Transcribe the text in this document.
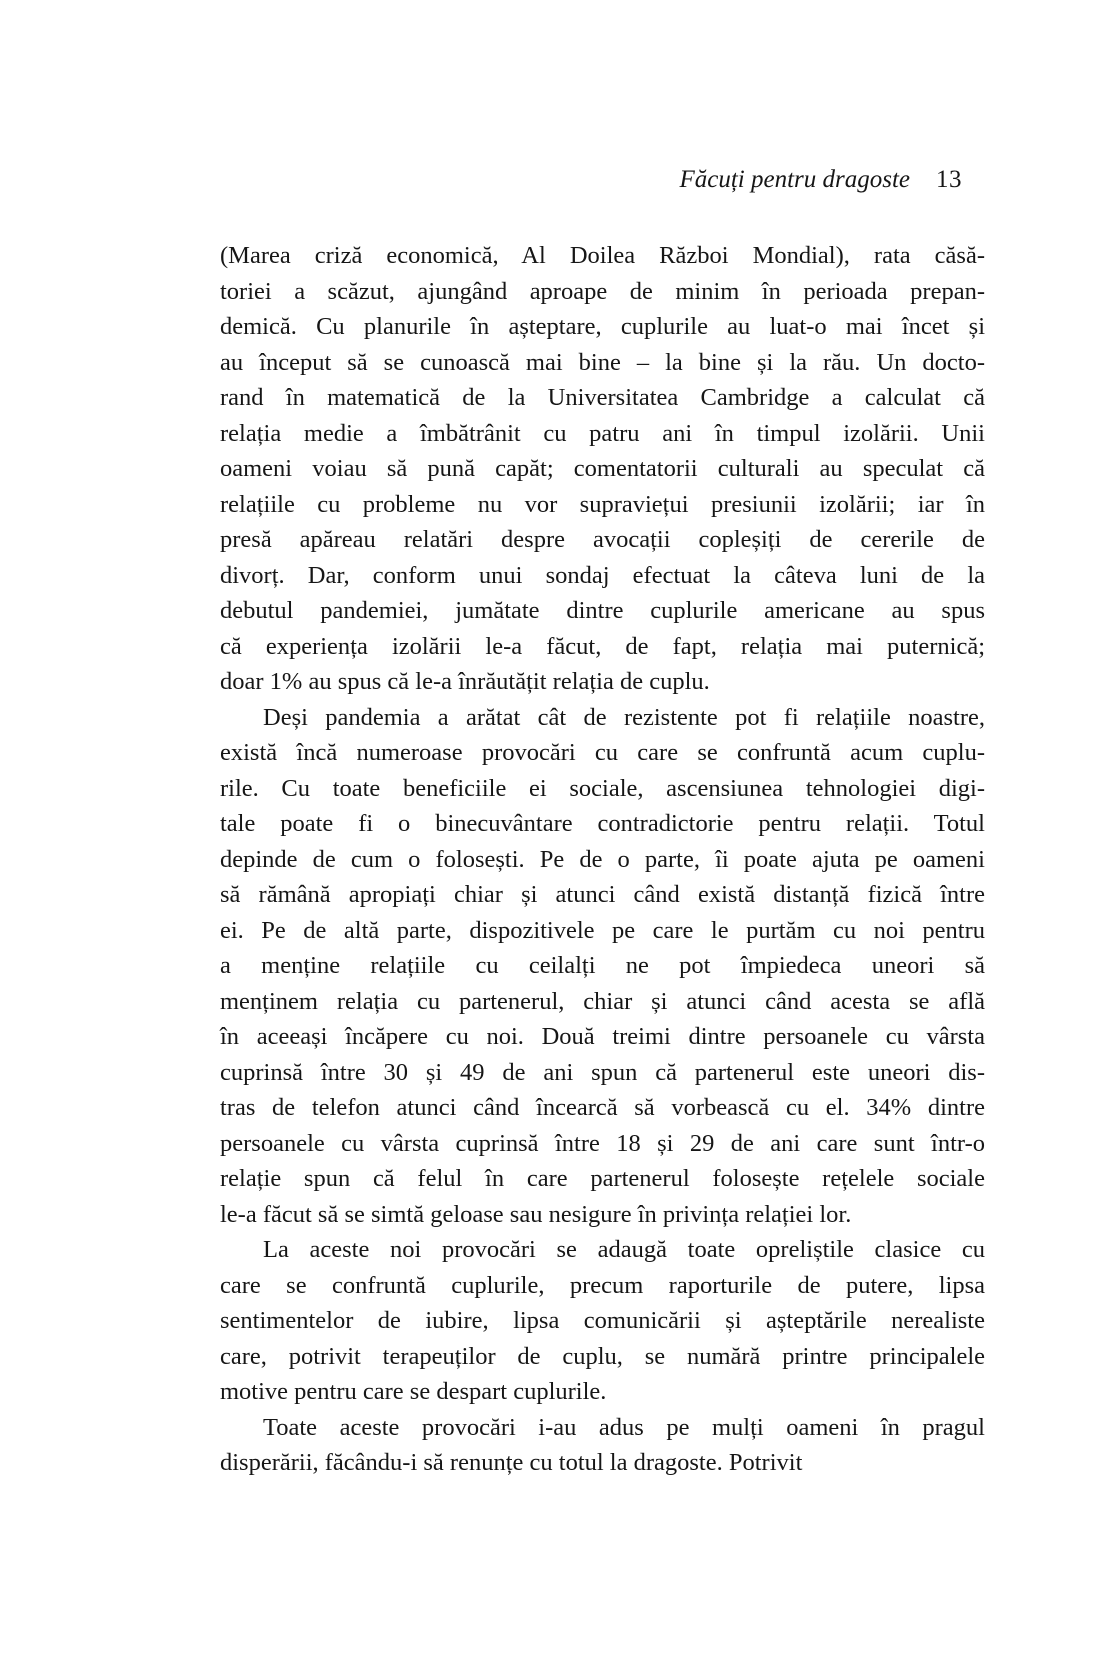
Făcuți pentru dragoste 13
(Marea criză economică, Al Doilea Război Mondial), rata căsă-
toriei a scăzut, ajungând aproape de minim în perioada prepan-
demică. Cu planurile în așteptare, cuplurile au luat-o mai încet și
au început să se cunoască mai bine – la bine și la rău. Un docto-
rand în matematică de la Universitatea Cambridge a calculat că
relația medie a îmbătrânit cu patru ani în timpul izolării. Unii
oameni voiau să pună capăt; comentatorii culturali au speculat că
relațiile cu probleme nu vor supraviețui presiunii izolării; iar în
presă apăreau relatări despre avocații copleșiți de cererile de
divorț. Dar, conform unui sondaj efectuat la câteva luni de la
debutul pandemiei, jumătate dintre cuplurile americane au spus
că experiența izolării le-a făcut, de fapt, relația mai puternică;
doar 1% au spus că le-a înrăutățit relația de cuplu.
Deși pandemia a arătat cât de rezistente pot fi relațiile noastre,
există încă numeroase provocări cu care se confruntă acum cuplu-
rile. Cu toate beneficiile ei sociale, ascensiunea tehnologiei digi-
tale poate fi o binecuvântare contradictorie pentru relații. Totul
depinde de cum o folosești. Pe de o parte, îi poate ajuta pe oameni
să rămână apropiați chiar și atunci când există distanță fizică între
ei. Pe de altă parte, dispozitivele pe care le purtăm cu noi pentru
a menține relațiile cu ceilalți ne pot împiedeca uneori să
menținem relația cu partenerul, chiar și atunci când acesta se află
în aceeași încăpere cu noi. Două treimi dintre persoanele cu vârsta
cuprinsă între 30 și 49 de ani spun că partenerul este uneori dis-
tras de telefon atunci când încearcă să vorbească cu el. 34% dintre
persoanele cu vârsta cuprinsă între 18 și 29 de ani care sunt într-o
relație spun că felul în care partenerul folosește rețelele sociale
le-a făcut să se simtă geloase sau nesigure în privința relației lor.
La aceste noi provocări se adaugă toate opreliștile clasice cu
care se confruntă cuplurile, precum raporturile de putere, lipsa
sentimentelor de iubire, lipsa comunicării și așteptările nerealiste
care, potrivit terapeuților de cuplu, se numără printre principalele
motive pentru care se despart cuplurile.
Toate aceste provocări i-au adus pe mulți oameni în pragul
disperării, făcându-i să renunțe cu totul la dragoste. Potrivit
